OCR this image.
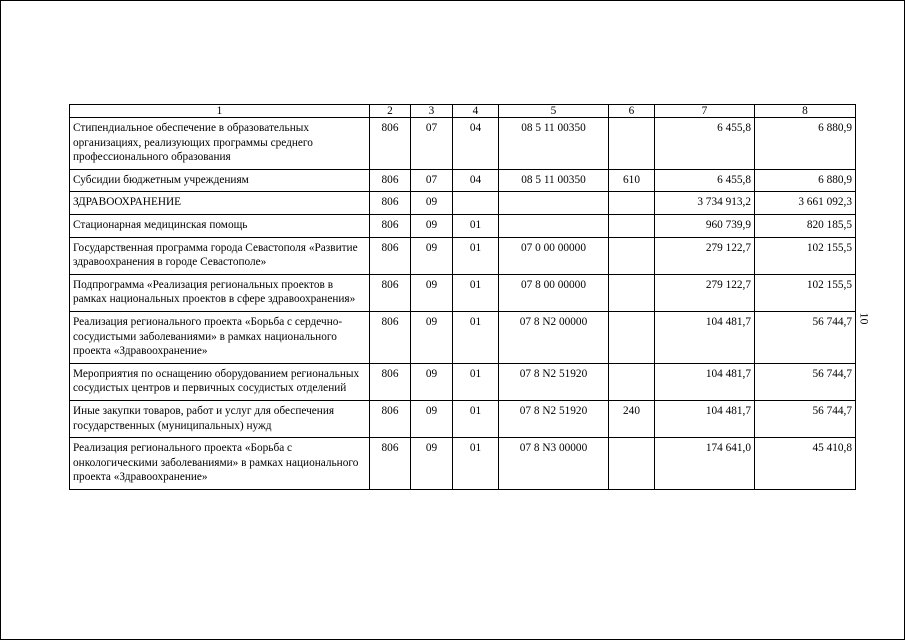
1	2	3	4	5	6	7	8
Стипендиальное обеспечение в образовательных организациях, реализующих программы среднего профессионального образования	806	07	04	08 5 11 00350		6 455,8	6 880,9
Субсидии бюджетным учреждениям	806	07	04	08 5 11 00350	610	6 455,8	6 880,9
ЗДРАВООХРАНЕНИЕ	806	09				3 734 913,2	3 661 092,3
Стационарная медицинская помощь	806	09	01			960 739,9	820 185,5
Государственная программа города Севастополя «Развитие здравоохранения в городе Севастополе»	806	09	01	07 0 00 00000		279 122,7	102 155,5
Подпрограмма «Реализация региональных проектов в рамках национальных проектов в сфере здравоохранения»	806	09	01	07 8 00 00000		279 122,7	102 155,5
Реализация регионального проекта «Борьба с сердечно-сосудистыми заболеваниями» в рамках национального проекта «Здравоохранение»	806	09	01	07 8 N2 00000		104 481,7	56 744,7
Мероприятия по оснащению оборудованием региональных сосудистых центров и первичных сосудистых отделений	806	09	01	07 8 N2 51920		104 481,7	56 744,7
Иные закупки товаров, работ и услуг для обеспечения государственных (муниципальных) нужд	806	09	01	07 8 N2 51920	240	104 481,7	56 744,7
Реализация регионального проекта «Борьба с онкологическими заболеваниями» в рамках национального проекта «Здравоохранение»	806	09	01	07 8 N3 00000		174 641,0	45 410,8
10
